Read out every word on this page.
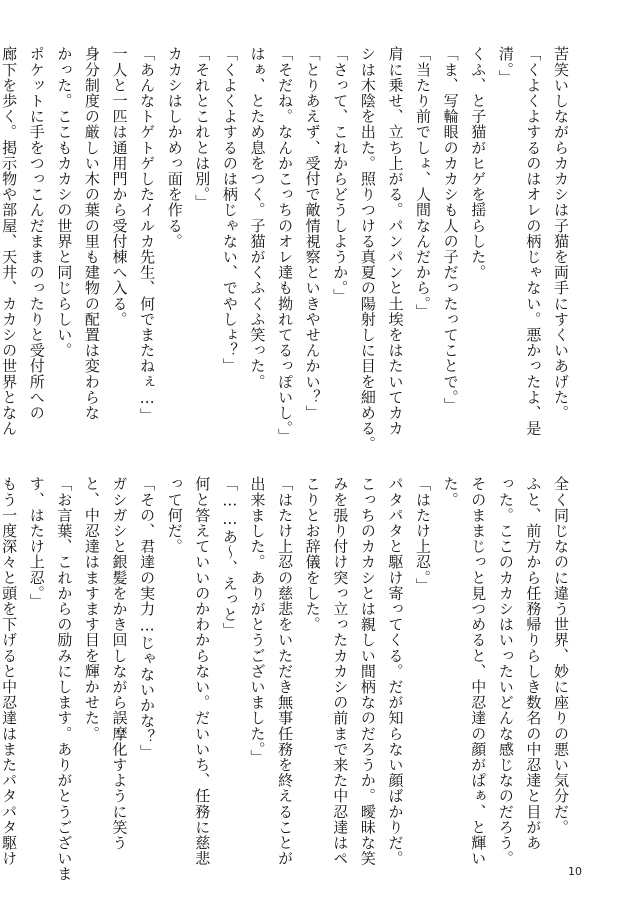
苦笑いしながらカカシは子猫を両手にすくいあげた。
「くよくよするのはオレの柄じゃない。悪かったよ、是
清。」
くふ、と子猫がヒゲを揺らした。
「ま、写輪眼のカカシも人の子だったってことで。」
「当たり前でしょ、人間なんだから。」
肩に乗せ、立ち上がる。パンパンと土埃をはたいてカカ
シは木陰を出た。照りつける真夏の陽射しに目を細める。
「さって、これからどうしようか。」
「とりあえず、受付で敵情視察といきやせんかい？」
「そだね。なんかこっちのオレ達も拗れてるっぽいし。」
はぁ、とため息をつく。子猫がくふくふ笑った。
「くよくよするのは柄じゃない、でやしょ？」
「それとこれとは別。」
カカシはしかめっ面を作る。
「あんなトゲトゲしたイルカ先生、何でまたねぇ…」
一人と一匹は通用門から受付棟へ入る。
身分制度の厳しい木の葉の里も建物の配置は変わらな
かった。ここもカカシの世界と同じらしい。
ポケットに手をつっこんだままのったりと受付所への
廊下を歩く。掲示物や部屋、天井、カカシの世界となん
全く同じなのに違う世界、妙に座りの悪い気分だ。
ふと、前方から任務帰りらしき数名の中忍達と目があ
った。ここのカカシはいったいどんな感じなのだろう。
そのままじっと見つめると、中忍達の顔がぱぁ、と輝い
た。
「はたけ上忍。」
パタパタと駆け寄ってくる。だが知らない顔ばかりだ。
こっちのカカシとは親しい間柄なのだろうか。曖昧な笑
みを張り付け突っ立ったカカシの前まで来た中忍達はペ
こりとお辞儀をした。
「はたけ上忍の慈悲をいただき無事任務を終えることが
出来ました。ありがとうございました。」
「……あ〜、えっと」
何と答えていいのかわからない。だいいち、任務に慈悲
って何だ。
「その、君達の実力…じゃないかな？」
ガシガシと銀髪をかき回しながら誤摩化すように笑う
と、中忍達はますます目を輝かせた。
「お言葉、これからの励みにします。ありがとうございま
す、はたけ上忍。」
もう一度深々と頭を下げると中忍達はまたパタパタ駆け
10
